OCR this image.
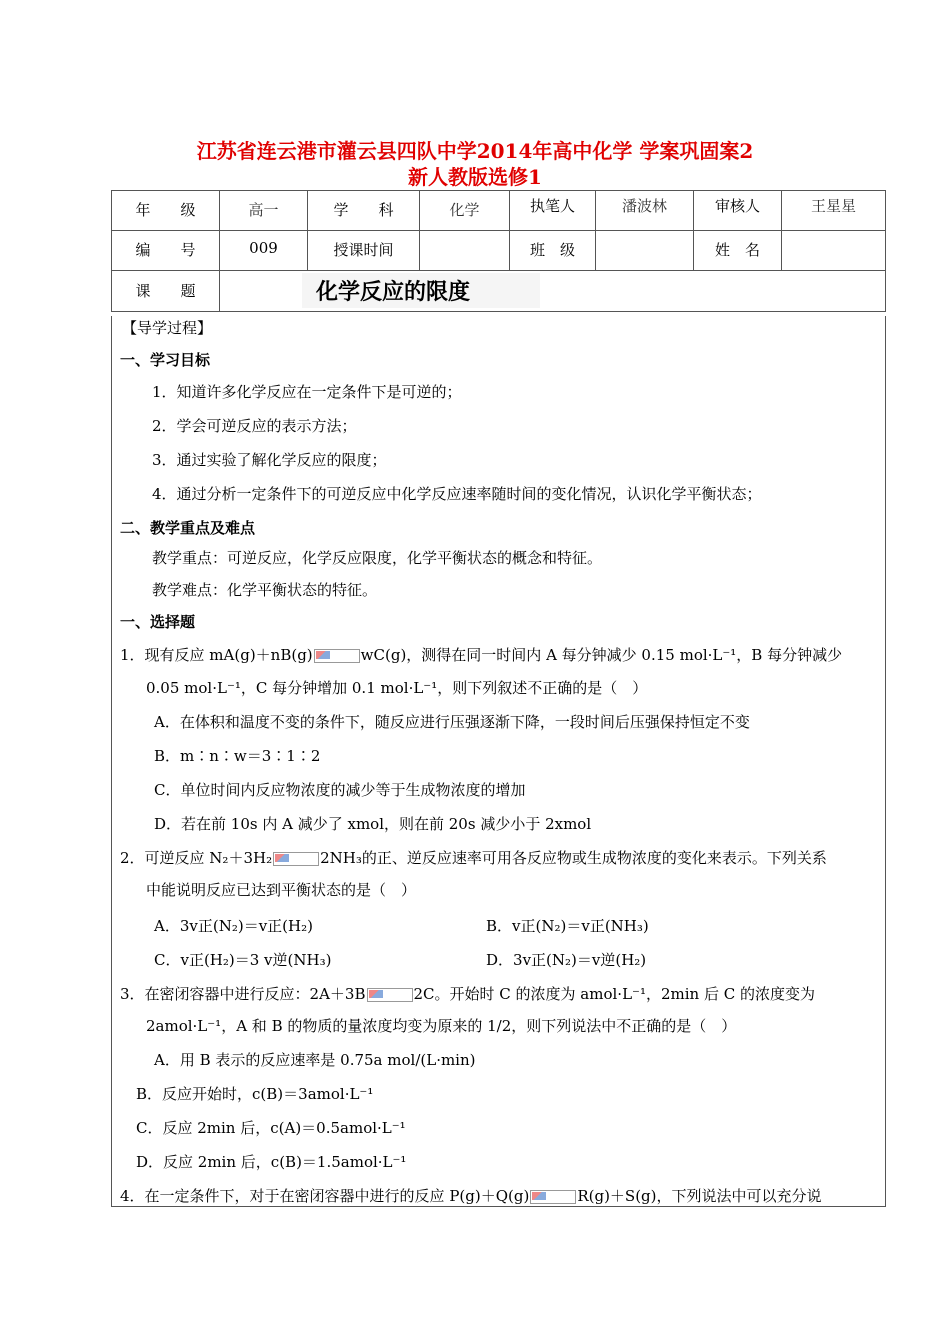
江苏省连云港市灌云县四队中学2014年高中化学 学案巩固案2
新人教版选修1
年　　级	高一	学　　科	化学	执笔人	潘波林	审核人	王星星
编　　号	009	授课时间		班　级		姓　名	
课　　题	化学反应的限度						
【导学过程】
一、学习目标
1．知道许多化学反应在一定条件下是可逆的；
2．学会可逆反应的表示方法；
3．通过实验了解化学反应的限度；
4．通过分析一定条件下的可逆反应中化学反应速率随时间的变化情况，认识化学平衡状态；
二、教学重点及难点
教学重点：可逆反应，化学反应限度，化学平衡状态的概念和特征。
教学难点：化学平衡状态的特征。
一、选择题
1．现有反应 mA(g)＋nB(g)	wC(g)，测得在同一时间内 A 每分钟减少 0.15 mol·L⁻¹，B 每分钟减少
0.05 mol·L⁻¹，C 每分钟增加 0.1 mol·L⁻¹，则下列叙述不正确的是（　）
A．在体积和温度不变的条件下，随反应进行压强逐渐下降，一段时间后压强保持恒定不变
B．m∶n∶w＝3∶1∶2
C．单位时间内反应物浓度的减少等于生成物浓度的增加
D．若在前 10s 内 A 减少了 xmol，则在前 20s 减少小于 2xmol
2．可逆反应 N₂＋3H₂	2NH₃的正、逆反应速率可用各反应物或生成物浓度的变化来表示。下列关系
中能说明反应已达到平衡状态的是（　）
A．3v正(N₂)＝v正(H₂)	B．v正(N₂)＝v正(NH₃)
C．v正(H₂)＝3 v逆(NH₃)	D．3v正(N₂)＝v逆(H₂)
3．在密闭容器中进行反应：2A＋3B	2C。开始时 C 的浓度为 amol·L⁻¹，2min 后 C 的浓度变为
2amol·L⁻¹，A 和 B 的物质的量浓度均变为原来的 1/2，则下列说法中不正确的是（　）
A．用 B 表示的反应速率是 0.75a mol/(L·min)
B．反应开始时，c(B)＝3amol·L⁻¹
C．反应 2min 后，c(A)＝0.5amol·L⁻¹
D．反应 2min 后，c(B)＝1.5amol·L⁻¹
4．在一定条件下，对于在密闭容器中进行的反应 P(g)＋Q(g)	R(g)＋S(g)，下列说法中可以充分说
